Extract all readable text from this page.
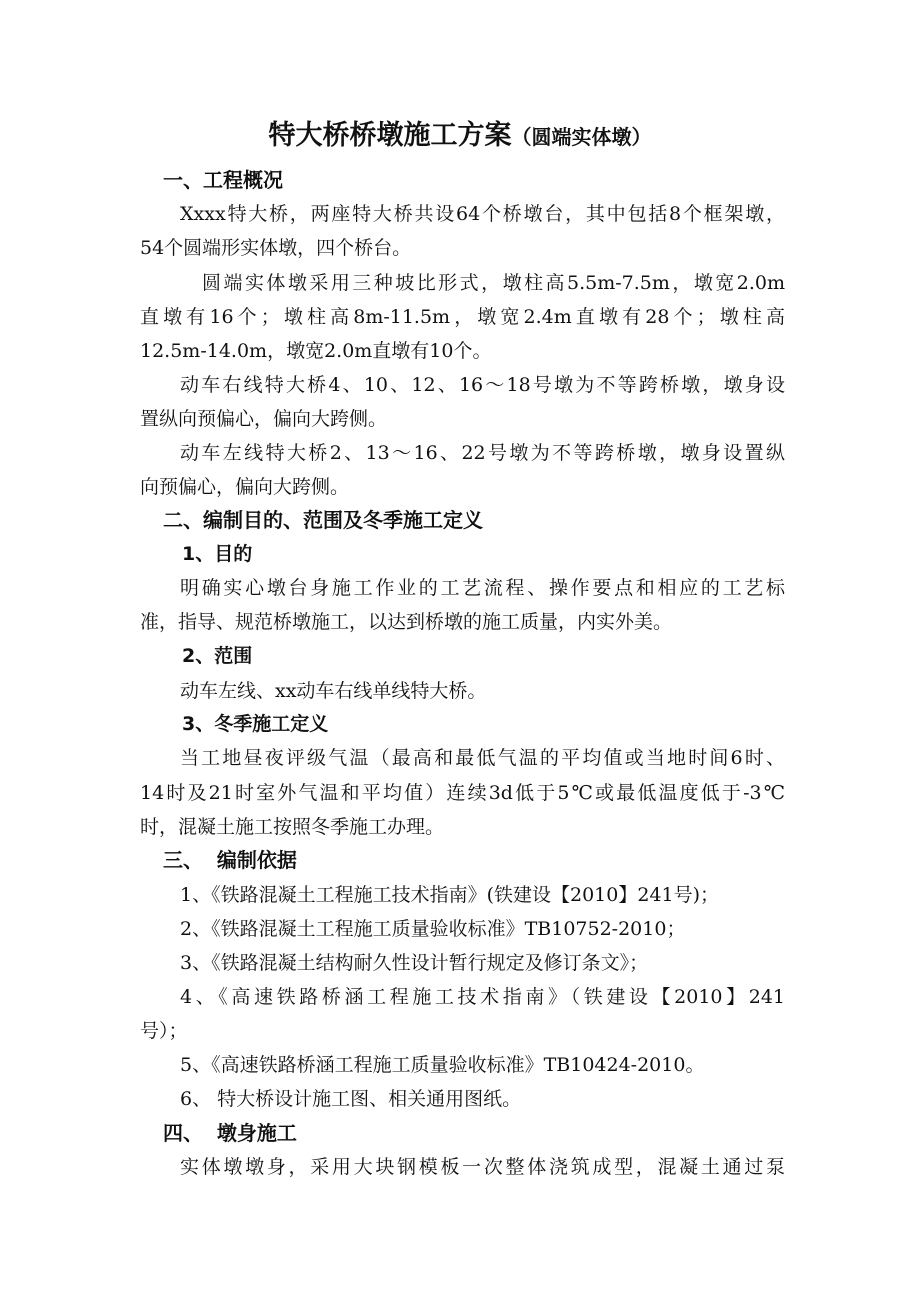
特大桥桥墩施工方案（圆端实体墩）
一、工程概况
Xxxx特大桥，两座特大桥共设64个桥墩台，其中包括8个框架墩，
54个圆端形实体墩，四个桥台。
圆端实体墩采用三种坡比形式，墩柱高5.5m-7.5m，墩宽2.0m
直墩有16个；墩柱高8m-11.5m，墩宽2.4m直墩有28个；墩柱高
12.5m-14.0m，墩宽2.0m直墩有10个。
动车右线特大桥4、10、12、16～18号墩为不等跨桥墩，墩身设
置纵向预偏心，偏向大跨侧。
动车左线特大桥2、13～16、22号墩为不等跨桥墩，墩身设置纵
向预偏心，偏向大跨侧。
二、编制目的、范围及冬季施工定义
1、目的
明确实心墩台身施工作业的工艺流程、操作要点和相应的工艺标
准，指导、规范桥墩施工，以达到桥墩的施工质量，内实外美。
2、范围
动车左线、xx动车右线单线特大桥。
3、冬季施工定义
当工地昼夜评级气温（最高和最低气温的平均值或当地时间6时、
14时及21时室外气温和平均值）连续3d低于5℃或最低温度低于-3℃
时，混凝土施工按照冬季施工办理。
三、  编制依据
1、《铁路混凝土工程施工技术指南》(铁建设【2010】241号)；
2、《铁路混凝土工程施工质量验收标准》TB10752-2010；
3、《铁路混凝土结构耐久性设计暂行规定及修订条文》；
4、《高速铁路桥涵工程施工技术指南》（铁建设【2010】241
号）；
5、《高速铁路桥涵工程施工质量验收标准》TB10424-2010。
6、 特大桥设计施工图、相关通用图纸。
四、  墩身施工
实体墩墩身，采用大块钢模板一次整体浇筑成型，混凝土通过泵
